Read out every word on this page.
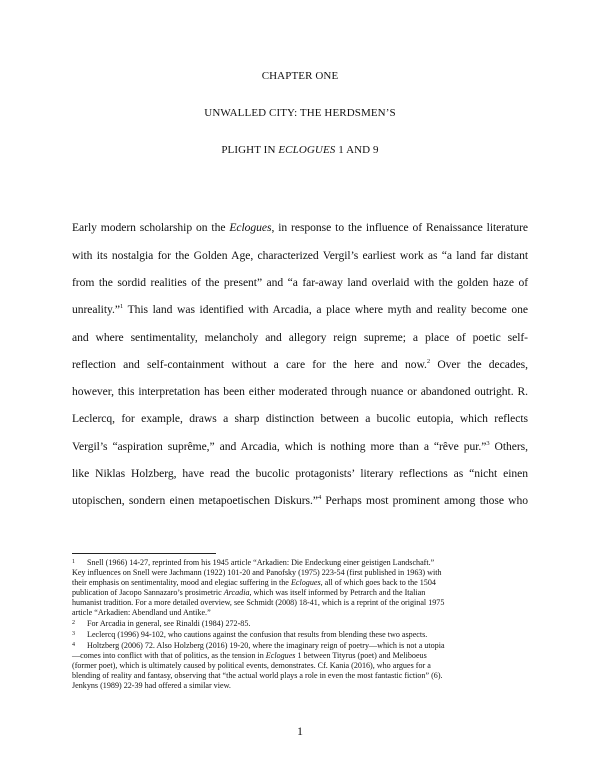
CHAPTER ONE
UNWALLED CITY: THE HERDSMEN’S
PLIGHT IN ECLOGUES 1 AND 9
Early modern scholarship on the Eclogues, in response to the influence of Renaissance literature
with its nostalgia for the Golden Age, characterized Vergil’s earliest work as “a land far distant
from the sordid realities of the present” and “a far-away land overlaid with the golden haze of
unreality.”$^1$ This land was identified with Arcadia, a place where myth and reality become one
and where sentimentality, melancholy and allegory reign supreme; a place of poetic self-
reflection and self-containment without a care for the here and now.$^2$ Over the decades,
however, this interpretation has been either moderated through nuance or abandoned outright. R.
Leclercq, for example, draws a sharp distinction between a bucolic eutopia, which reflects
Vergil’s “aspiration suprême,” and Arcadia, which is nothing more than a “rêve pur.”$^3$ Others,
like Niklas Holzberg, have read the bucolic protagonists’ literary reflections as “nicht einen
utopischen, sondern einen metapoetischen Diskurs.”$^4$ Perhaps most prominent among those who
1 Snell (1966) 14-27, reprinted from his 1945 article “Arkadien: Die Endeckung einer geistigen Landschaft.”
Key influences on Snell were Jachmann (1922) 101-20 and Panofsky (1975) 223-54 (first published in 1963) with
their emphasis on sentimentality, mood and elegiac suffering in the Eclogues, all of which goes back to the 1504
publication of Jacopo Sannazaro’s prosimetric Arcadia, which was itself informed by Petrarch and the Italian
humanist tradition. For a more detailed overview, see Schmidt (2008) 18-41, which is a reprint of the original 1975
article “Arkadien: Abendland und Antike.”
2 For Arcadia in general, see Rinaldi (1984) 272-85.
3 Leclercq (1996) 94-102, who cautions against the confusion that results from blending these two aspects.
4 Holtzberg (2006) 72. Also Holzberg (2016) 19-20, where the imaginary reign of poetry—which is not a utopia
—comes into conflict with that of politics, as the tension in Eclogues 1 between Tityrus (poet) and Meliboeus
(former poet), which is ultimately caused by political events, demonstrates. Cf. Kania (2016), who argues for a
blending of reality and fantasy, observing that “the actual world plays a role in even the most fantastic fiction” (6).
Jenkyns (1989) 22-39 had offered a similar view.
1
